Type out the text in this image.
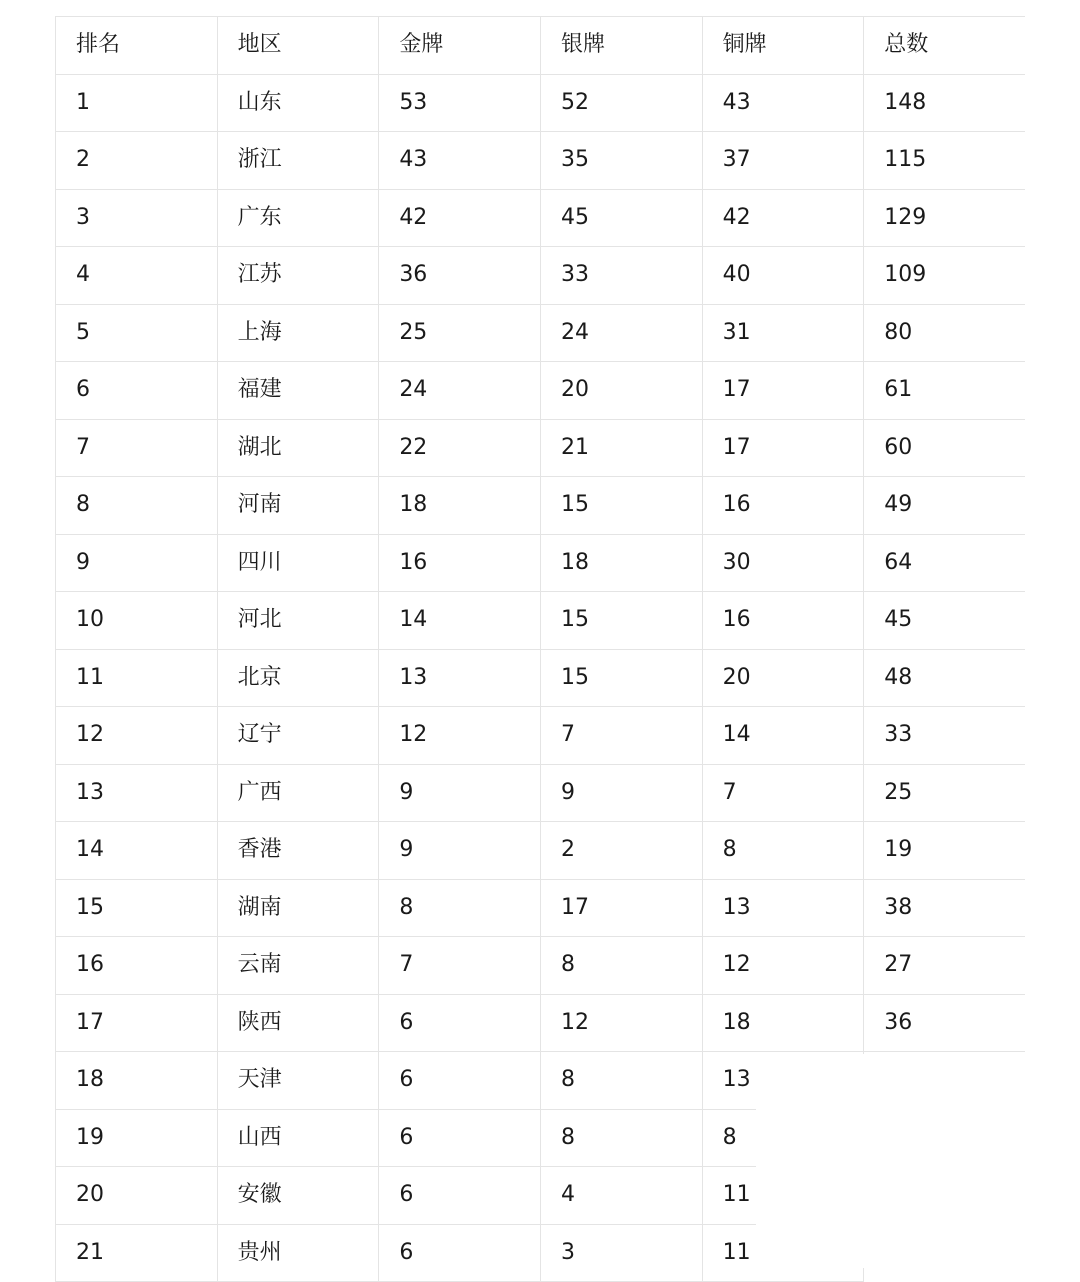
排名	地区	金牌	银牌	铜牌	总数
1	山东	53	52	43	148
2	浙江	43	35	37	115
3	广东	42	45	42	129
4	江苏	36	33	40	109
5	上海	25	24	31	80
6	福建	24	20	17	61
7	湖北	22	21	17	60
8	河南	18	15	16	49
9	四川	16	18	30	64
10	河北	14	15	16	45
11	北京	13	15	20	48
12	辽宁	12	7	14	33
13	广西	9	9	7	25
14	香港	9	2	8	19
15	湖南	8	17	13	38
16	云南	7	8	12	27
17	陕西	6	12	18	36
18	天津	6	8	13	
19	山西	6	8	8	
20	安徽	6	4	11	
21	贵州	6	3	11	
